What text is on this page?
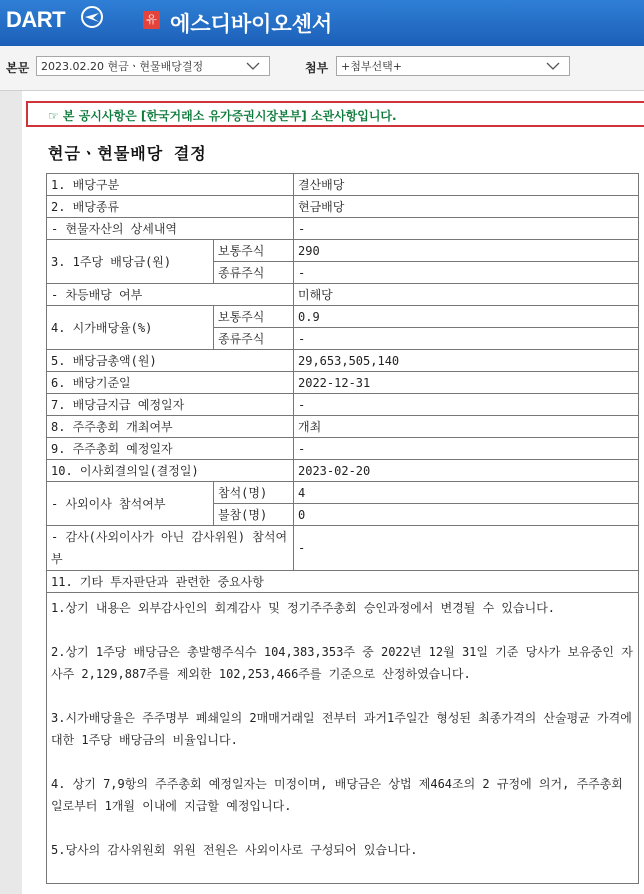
DART	유 에스디바이오센서
본문	2023.02.20 현금ㆍ현물배당결정	첨부	+첨부선택+
☞ 본 공시사항은 [한국거래소 유가증권시장본부] 소관사항입니다.
현금ㆍ현물배당 결정
1. 배당구분		결산배당
2. 배당종류		현금배당
- 현물자산의 상세내역		-
3. 1주당 배당금(원)	보통주식	290
	종류주식	-
- 차등배당 여부		미해당
4. 시가배당율(%)	보통주식	0.9
	종류주식	-
5. 배당금총액(원)		29,653,505,140
6. 배당기준일		2022-12-31
7. 배당금지급 예정일자		-
8. 주주총회 개최여부		개최
9. 주주총회 예정일자		-
10. 이사회결의일(결정일)		2023-02-20
- 사외이사 참석여부	참석(명)	4
	불참(명)	0
- 감사(사외이사가 아닌 감사위원) 참석여부		-
11. 기타 투자판단과 관련한 중요사항		

1.상기 내용은 외부감사인의 회계감사 및 정기주주총회 승인과정에서 변경될 수 있습니다.

2.상기 1주당 배당금은 총발행주식수 104,383,353주 중 2022년 12월 31일 기준 당사가 보유중인 자사주 2,129,887주를 제외한 102,253,466주를 기준으로 산정하였습니다.

3.시가배당율은 주주명부 폐쇄일의 2매매거래일 전부터 과거1주일간 형성된 최종가격의 산술평균 가격에 대한 1주당 배당금의 비율입니다.

4. 상기 7,9항의 주주총회 예정일자는 미정이며, 배당금은 상법 제464조의 2 규정에 의거, 주주총회일로부터 1개월 이내에 지급할 예정입니다.

5.당사의 감사위원회 위원 전원은 사외이사로 구성되어 있습니다.		
